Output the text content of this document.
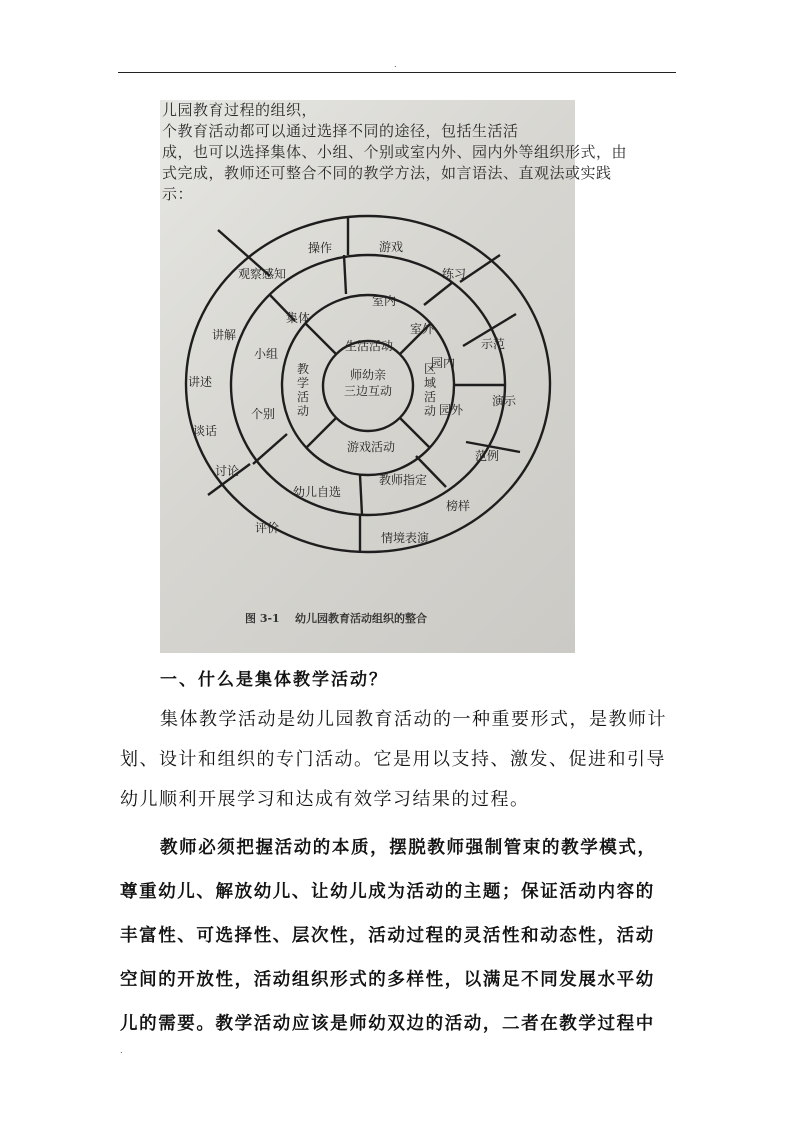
.
儿园教育过程的组织，
个教育活动都可以通过选择不同的途径，包括生活活
成，也可以选择集体、小组、个别或室内外、园内外等组织形式，由
式完成，教师还可整合不同的教学方法，如言语法、直观法或实践
示：
师幼亲三边互动
教学活动
生活活动
区域活动
游戏活动
集体
室内
室外
园内
园外
教师指定
幼儿自选
个别
小组
操作	游戏
练习
示范
演示
范例
榜样
情境表演
评价
讨论
谈话
讲述
讲解
观察感知
图 3-1    幼儿园教育活动组织的整合
一、什么是集体教学活动？
集体教学活动是幼儿园教育活动的一种重要形式，是教师计
划、设计和组织的专门活动。它是用以支持、激发、促进和引导
幼儿顺利开展学习和达成有效学习结果的过程。
教师必须把握活动的本质，摆脱教师强制管束的教学模式，
尊重幼儿、解放幼儿、让幼儿成为活动的主题；保证活动内容的
丰富性、可选择性、层次性，活动过程的灵活性和动态性，活动
空间的开放性，活动组织形式的多样性，以满足不同发展水平幼
儿的需要。教学活动应该是师幼双边的活动，二者在教学过程中
.
